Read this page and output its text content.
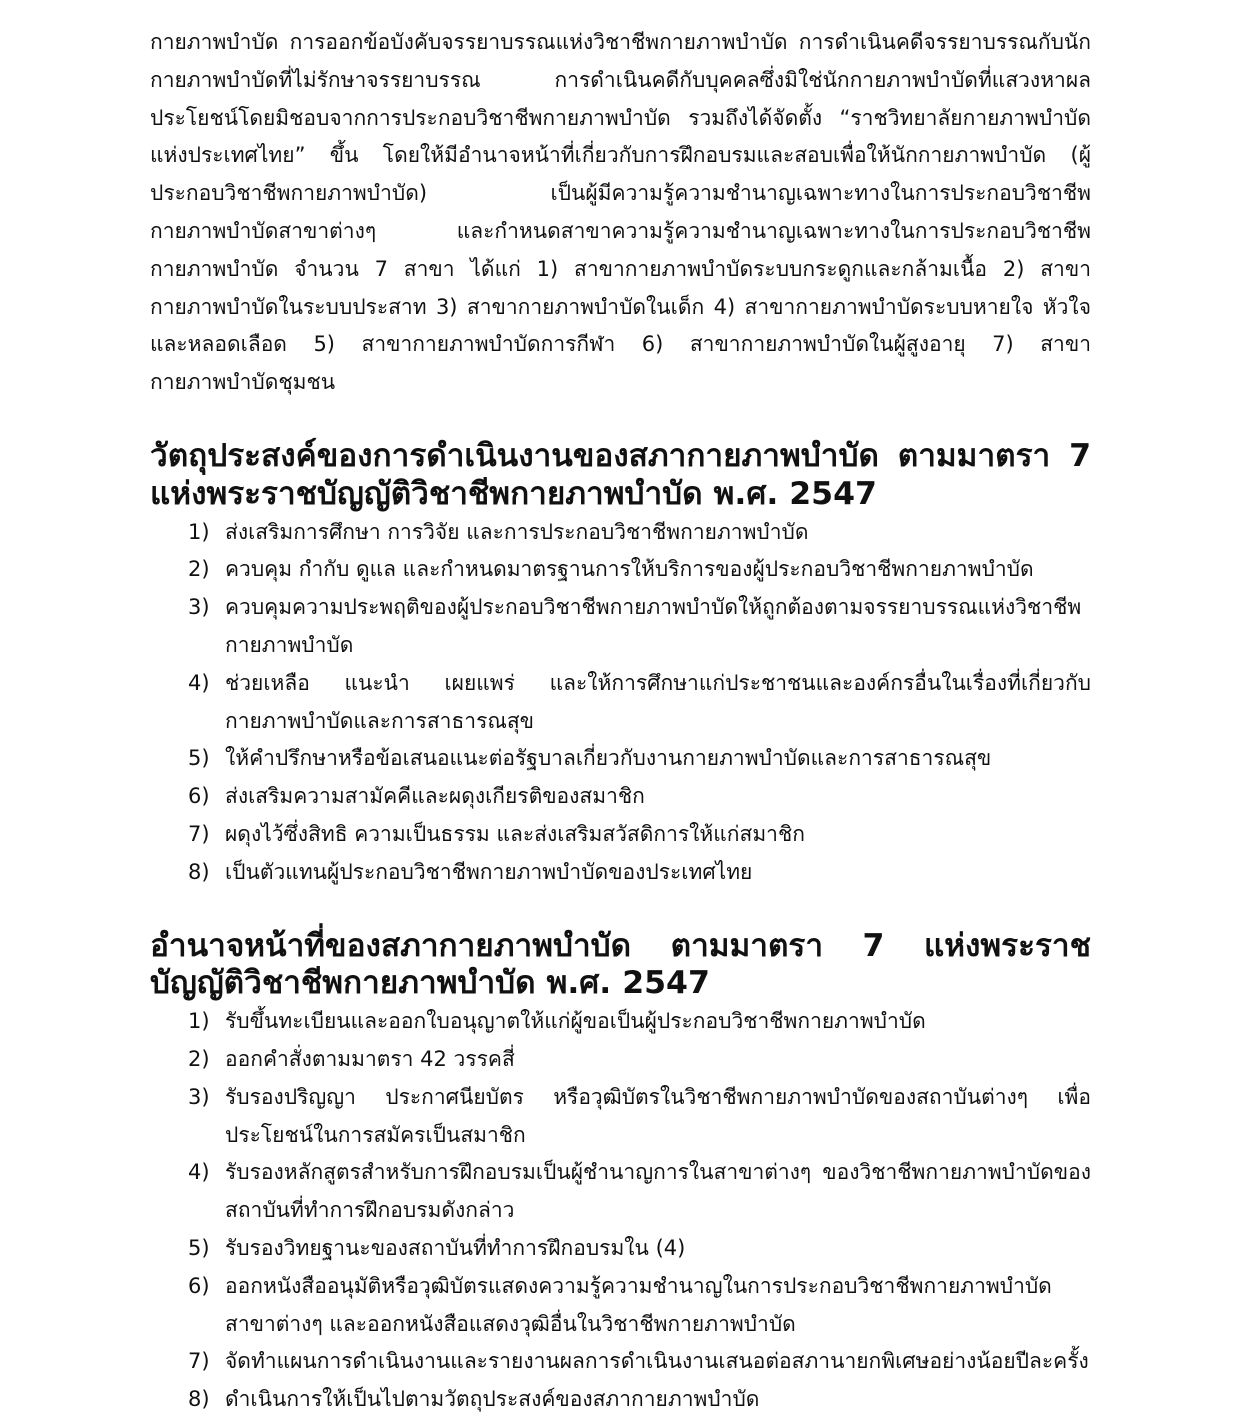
กายภาพบำบัด การออกข้อบังคับจรรยาบรรณแห่งวิชาชีพกายภาพบำบัด การดำเนินคดีจรรยาบรรณกับนักกายภาพบำบัดที่ไม่รักษาจรรยาบรรณ การดำเนินคดีกับบุคคลซึ่งมิใช่นักกายภาพบำบัดที่แสวงหาผลประโยชน์โดยมิชอบจากการประกอบวิชาชีพกายภาพบำบัด รวมถึงได้จัดตั้ง “ราชวิทยาลัยกายภาพบำบัดแห่งประเทศไทย” ขึ้น โดยให้มีอำนาจหน้าที่เกี่ยวกับการฝึกอบรมและสอบเพื่อให้นักกายภาพบำบัด (ผู้ประกอบวิชาชีพกายภาพบำบัด) เป็นผู้มีความรู้ความชำนาญเฉพาะทางในการประกอบวิชาชีพกายภาพบำบัดสาขาต่างๆ และกำหนดสาขาความรู้ความชำนาญเฉพาะทางในการประกอบวิชาชีพกายภาพบำบัด จำนวน 7 สาขา ได้แก่ 1) สาขากายภาพบำบัดระบบกระดูกและกล้ามเนื้อ 2) สาขากายภาพบำบัดในระบบประสาท 3) สาขากายภาพบำบัดในเด็ก 4) สาขากายภาพบำบัดระบบหายใจ หัวใจและหลอดเลือด 5) สาขากายภาพบำบัดการกีฬา 6) สาขากายภาพบำบัดในผู้สูงอายุ 7) สาขากายภาพบำบัดชุมชน

วัตถุประสงค์ของการดำเนินงานของสภากายภาพบำบัด ตามมาตรา 7 แห่งพระราชบัญญัติวิชาชีพกายภาพบำบัด พ.ศ. 2547
1) ส่งเสริมการศึกษา การวิจัย และการประกอบวิชาชีพกายภาพบำบัด
2) ควบคุม กำกับ ดูแล และกำหนดมาตรฐานการให้บริการของผู้ประกอบวิชาชีพกายภาพบำบัด
3) ควบคุมความประพฤติของผู้ประกอบวิชาชีพกายภาพบำบัดให้ถูกต้องตามจรรยาบรรณแห่งวิชาชีพกายภาพบำบัด
4) ช่วยเหลือ แนะนำ เผยแพร่ และให้การศึกษาแก่ประชาชนและองค์กรอื่นในเรื่องที่เกี่ยวกับกายภาพบำบัดและการสาธารณสุข
5) ให้คำปรึกษาหรือข้อเสนอแนะต่อรัฐบาลเกี่ยวกับงานกายภาพบำบัดและการสาธารณสุข
6) ส่งเสริมความสามัคคีและผดุงเกียรติของสมาชิก
7) ผดุงไว้ซึ่งสิทธิ ความเป็นธรรม และส่งเสริมสวัสดิการให้แก่สมาชิก
8) เป็นตัวแทนผู้ประกอบวิชาชีพกายภาพบำบัดของประเทศไทย
อำนาจหน้าที่ของสภากายภาพบำบัด ตามมาตรา 7 แห่งพระราชบัญญัติวิชาชีพกายภาพบำบัด พ.ศ. 2547
1) รับขึ้นทะเบียนและออกใบอนุญาตให้แก่ผู้ขอเป็นผู้ประกอบวิชาชีพกายภาพบำบัด
2) ออกคำสั่งตามมาตรา 42 วรรคสี่
3) รับรองปริญญา ประกาศนียบัตร หรือวุฒิบัตรในวิชาชีพกายภาพบำบัดของสถาบันต่างๆ เพื่อประโยชน์ในการสมัครเป็นสมาชิก
4) รับรองหลักสูตรสำหรับการฝึกอบรมเป็นผู้ชำนาญการในสาขาต่างๆ ของวิชาชีพกายภาพบำบัดของสถาบันที่ทำการฝึกอบรมดังกล่าว
5) รับรองวิทยฐานะของสถาบันที่ทำการฝึกอบรมใน (4)
6) ออกหนังสืออนุมัติหรือวุฒิบัตรแสดงความรู้ความชำนาญในการประกอบวิชาชีพกายภาพบำบัดสาขาต่างๆ และออกหนังสือแสดงวุฒิอื่นในวิชาชีพกายภาพบำบัด
7) จัดทำแผนการดำเนินงานและรายงานผลการดำเนินงานเสนอต่อสภานายกพิเศษอย่างน้อยปีละครั้ง
8) ดำเนินการให้เป็นไปตามวัตถุประสงค์ของสภากายภาพบำบัด
